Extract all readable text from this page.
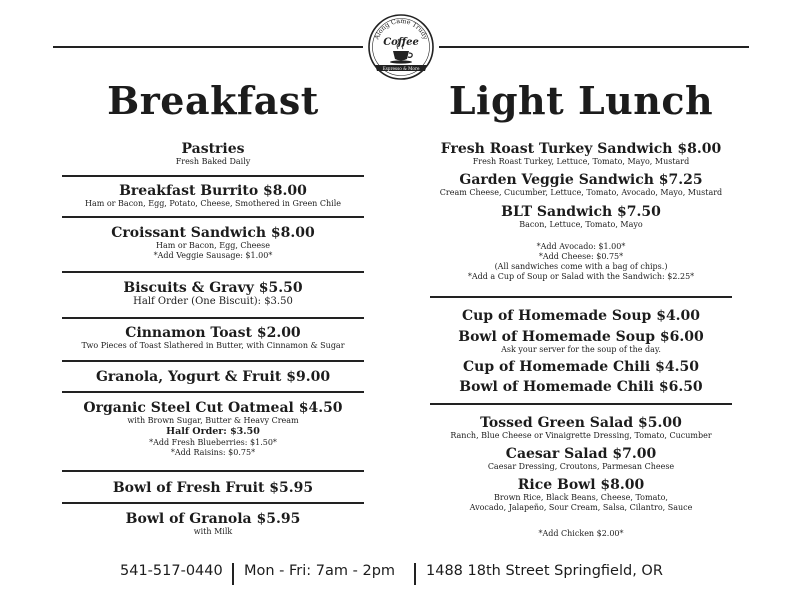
Along Came Trudy
Coffee
Espresso & More
Breakfast	Light Lunch
Pastries
Fresh Baked Daily
Breakfast Burrito $8.00
Ham or Bacon, Egg, Potato, Cheese, Smothered in Green Chile
Croissant Sandwich $8.00
Ham or Bacon, Egg, Cheese
*Add Veggie Sausage: $1.00*
Biscuits & Gravy $5.50
Half Order (One Biscuit): $3.50
Cinnamon Toast $2.00
Two Pieces of Toast Slathered in Butter, with Cinnamon & Sugar
Granola, Yogurt & Fruit $9.00
Organic Steel Cut Oatmeal $4.50
with Brown Sugar, Butter & Heavy Cream
Half Order: $3.50
*Add Fresh Blueberries: $1.50*
*Add Raisins: $0.75*
Bowl of Fresh Fruit $5.95
Bowl of Granola $5.95
with Milk
Fresh Roast Turkey Sandwich $8.00
Fresh Roast Turkey, Lettuce, Tomato, Mayo, Mustard
Garden Veggie Sandwich $7.25
Cream Cheese, Cucumber, Lettuce, Tomato, Avocado, Mayo, Mustard
BLT Sandwich $7.50
Bacon, Lettuce, Tomato, Mayo
*Add Avocado: $1.00*
*Add Cheese: $0.75*
(All sandwiches come with a bag of chips.)
*Add a Cup of Soup or Salad with the Sandwich: $2.25*
Cup of Homemade Soup $4.00
Bowl of Homemade Soup $6.00
Ask your server for the soup of the day.
Cup of Homemade Chili $4.50
Bowl of Homemade Chili $6.50
Tossed Green Salad $5.00
Ranch, Blue Cheese or Vinaigrette Dressing, Tomato, Cucumber
Caesar Salad $7.00
Caesar Dressing, Croutons, Parmesan Cheese
Rice Bowl $8.00
Brown Rice, Black Beans, Cheese, Tomato,
Avocado, Jalapeño, Sour Cream, Salsa, Cilantro, Sauce
*Add Chicken $2.00*
541-517-0440 Mon - Fri: 7am - 2pm 1488 18th Street Springfield, OR
